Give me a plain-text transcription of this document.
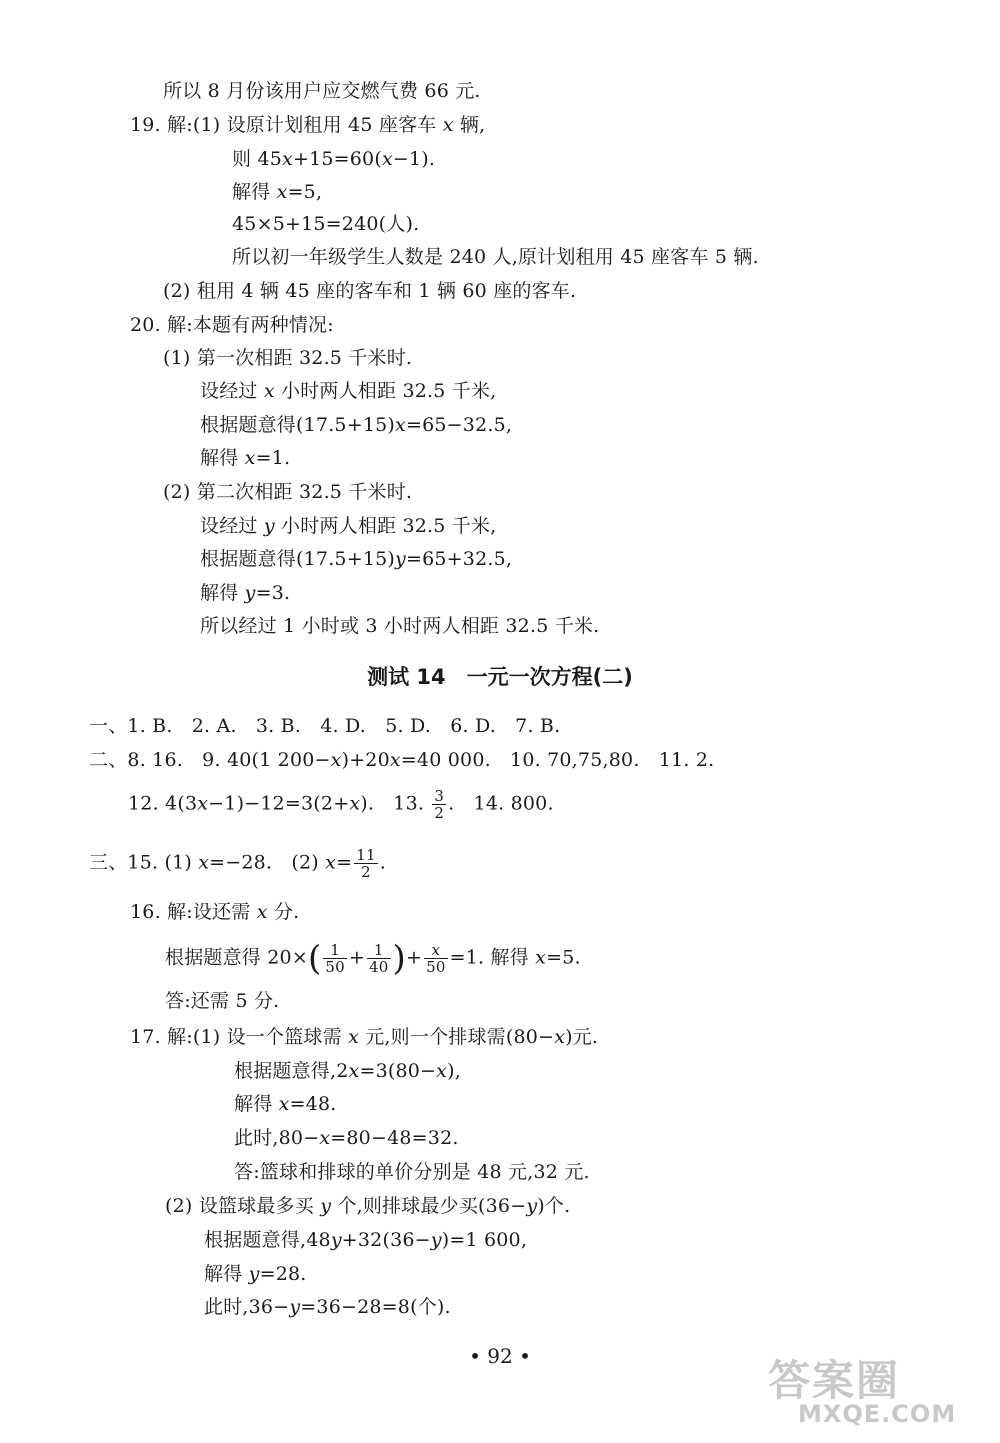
所以 8 月份该用户应交燃气费 66 元.
19. 解:(1) 设原计划租用 45 座客车 x 辆,
则 45x+15=60(x−1).
解得 x=5,
45×5+15=240(人).
所以初一年级学生人数是 240 人,原计划租用 45 座客车 5 辆.
(2) 租用 4 辆 45 座的客车和 1 辆 60 座的客车.
20. 解:本题有两种情况:
(1) 第一次相距 32.5 千米时.
设经过 x 小时两人相距 32.5 千米,
根据题意得(17.5+15)x=65−32.5,
解得 x=1.
(2) 第二次相距 32.5 千米时.
设经过 y 小时两人相距 32.5 千米,
根据题意得(17.5+15)y=65+32.5,
解得 y=3.
所以经过 1 小时或 3 小时两人相距 32.5 千米.
测试 14　一元一次方程(二)
一、1. B.　2. A.　3. B.　4. D.　5. D.　6. D.　7. B.
二、8. 16.　9. 40(1 200−x)+20x=40 000.　10. 70,75,80.　11. 2.
12. 4(3x−1)−12=3(2+x).　13. $\frac{3}{2}$ .　14. 800.
三、15. (1) x=−28.　(2) $x= \frac{11}{2}$ .
16. 解:设还需 x 分.
根据题意得 $20\times( \frac{1}{50} + \frac{1}{40}$ )+ $\frac{x}{50} =1$. 解得 x=5.
答:还需 5 分.
17. 解:(1) 设一个篮球需 x 元,则一个排球需(80−x)元.
根据题意得,2x=3(80−x),
解得 x=48.
此时,80−x=80−48=32.
答:篮球和排球的单价分别是 48 元,32 元.
(2) 设篮球最多买 y 个,则排球最少买(36−y)个.
根据题意得,48y+32(36−y)=1 600,
解得 y=28.
此时,36−y=36−28=8(个).
• 92 •	答案圈
MXQE.COM
